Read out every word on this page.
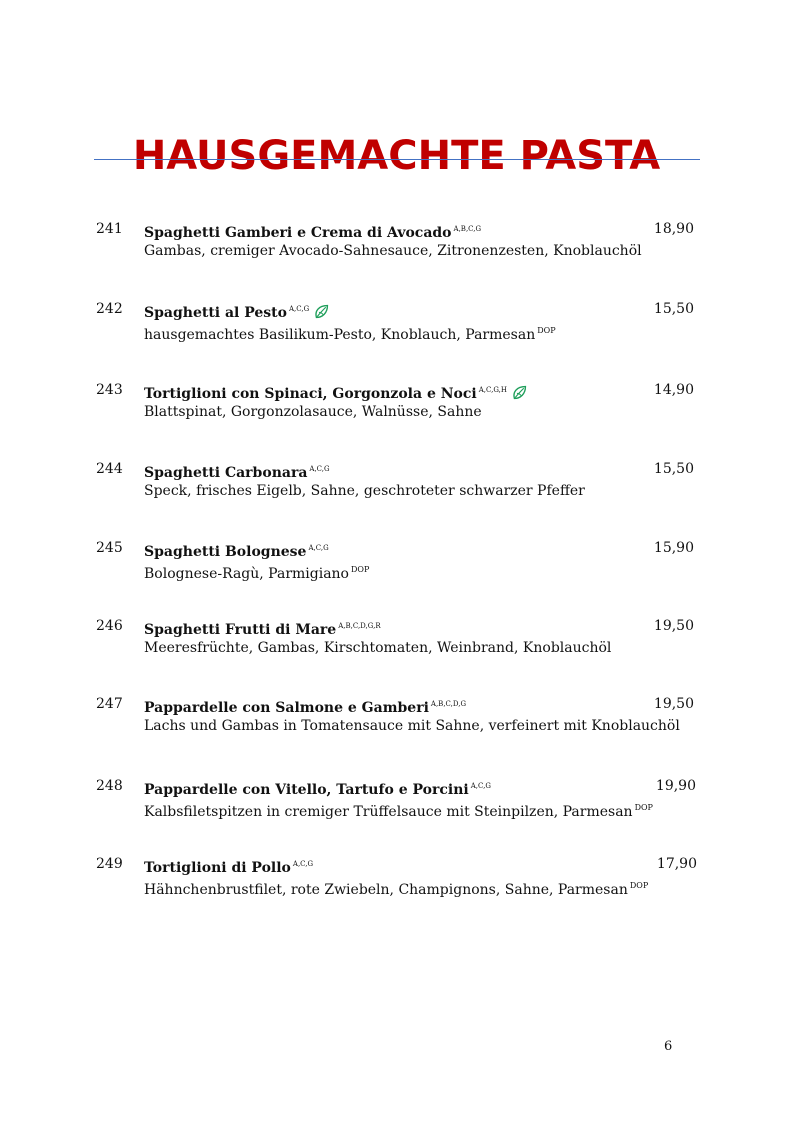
HAUSGEMACHTE PASTA
241 Spaghetti Gamberi e Crema di Avocado $^{A,B,C,G}$	18,90
Gambas, cremiger Avocado-Sahnesauce, Zitronenzesten, Knoblauchöl
242 Spaghetti al Pesto $^{A,C,G}$	15,50
hausgemachtes Basilikum-Pesto, Knoblauch, Parmesan $^{DOP}$
243 Tortiglioni con Spinaci, Gorgonzola e Noci $^{A,C,G,H}$	14,90
Blattspinat, Gorgonzolasauce, Walnüsse, Sahne
244 Spaghetti Carbonara $^{A,C,G}$	15,50
Speck, frisches Eigelb, Sahne, geschroteter schwarzer Pfeffer
245 Spaghetti Bolognese $^{A,C,G}$	15,90
Bolognese-Ragù, Parmigiano $^{DOP}$
246 Spaghetti Frutti di Mare $^{A,B,C,D,G,R}$	19,50
Meeresfrüchte, Gambas, Kirschtomaten, Weinbrand, Knoblauchöl
247 Pappardelle con Salmone e Gamberi $^{A,B,C,D,G}$	19,50
Lachs und Gambas in Tomatensauce mit Sahne, verfeinert mit Knoblauchöl
248 Pappardelle con Vitello, Tartufo e Porcini $^{A,C,G}$	19,90
Kalbsfiletspitzen in cremiger Trüffelsauce mit Steinpilzen, Parmesan $^{DOP}$
249 Tortiglioni di Pollo $^{A,C,G}$	17,90
Hähnchenbrustfilet, rote Zwiebeln, Champignons, Sahne, Parmesan $^{DOP}$
6
